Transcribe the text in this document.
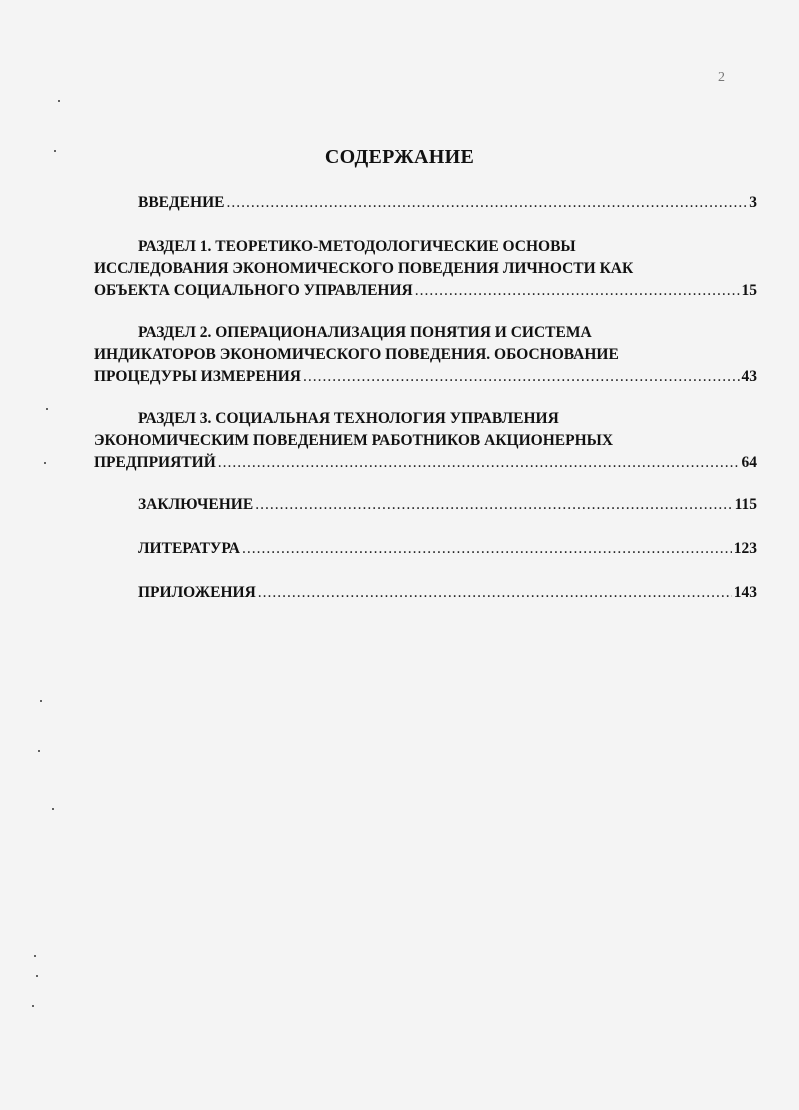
2
СОДЕРЖАНИЕ
ВВЕДЕНИЕ .....	3
РАЗДЕЛ 1. ТЕОРЕТИКО-МЕТОДОЛОГИЧЕСКИЕ ОСНОВЫ
ИССЛЕДОВАНИЯ ЭКОНОМИЧЕСКОГО ПОВЕДЕНИЯ ЛИЧНОСТИ КАК
ОБЪЕКТА СОЦИАЛЬНОГО УПРАВЛЕНИЯ .....	15
РАЗДЕЛ 2. ОПЕРАЦИОНАЛИЗАЦИЯ ПОНЯТИЯ И СИСТЕМА
ИНДИКАТОРОВ ЭКОНОМИЧЕСКОГО ПОВЕДЕНИЯ. ОБОСНОВАНИЕ
ПРОЦЕДУРЫ ИЗМЕРЕНИЯ .....	43
РАЗДЕЛ 3. СОЦИАЛЬНАЯ ТЕХНОЛОГИЯ УПРАВЛЕНИЯ
ЭКОНОМИЧЕСКИМ ПОВЕДЕНИЕМ РАБОТНИКОВ АКЦИОНЕРНЫХ
ПРЕДПРИЯТИЙ .....	64
ЗАКЛЮЧЕНИЕ .....	115
ЛИТЕРАТУРА .....	123
ПРИЛОЖЕНИЯ .....	143
